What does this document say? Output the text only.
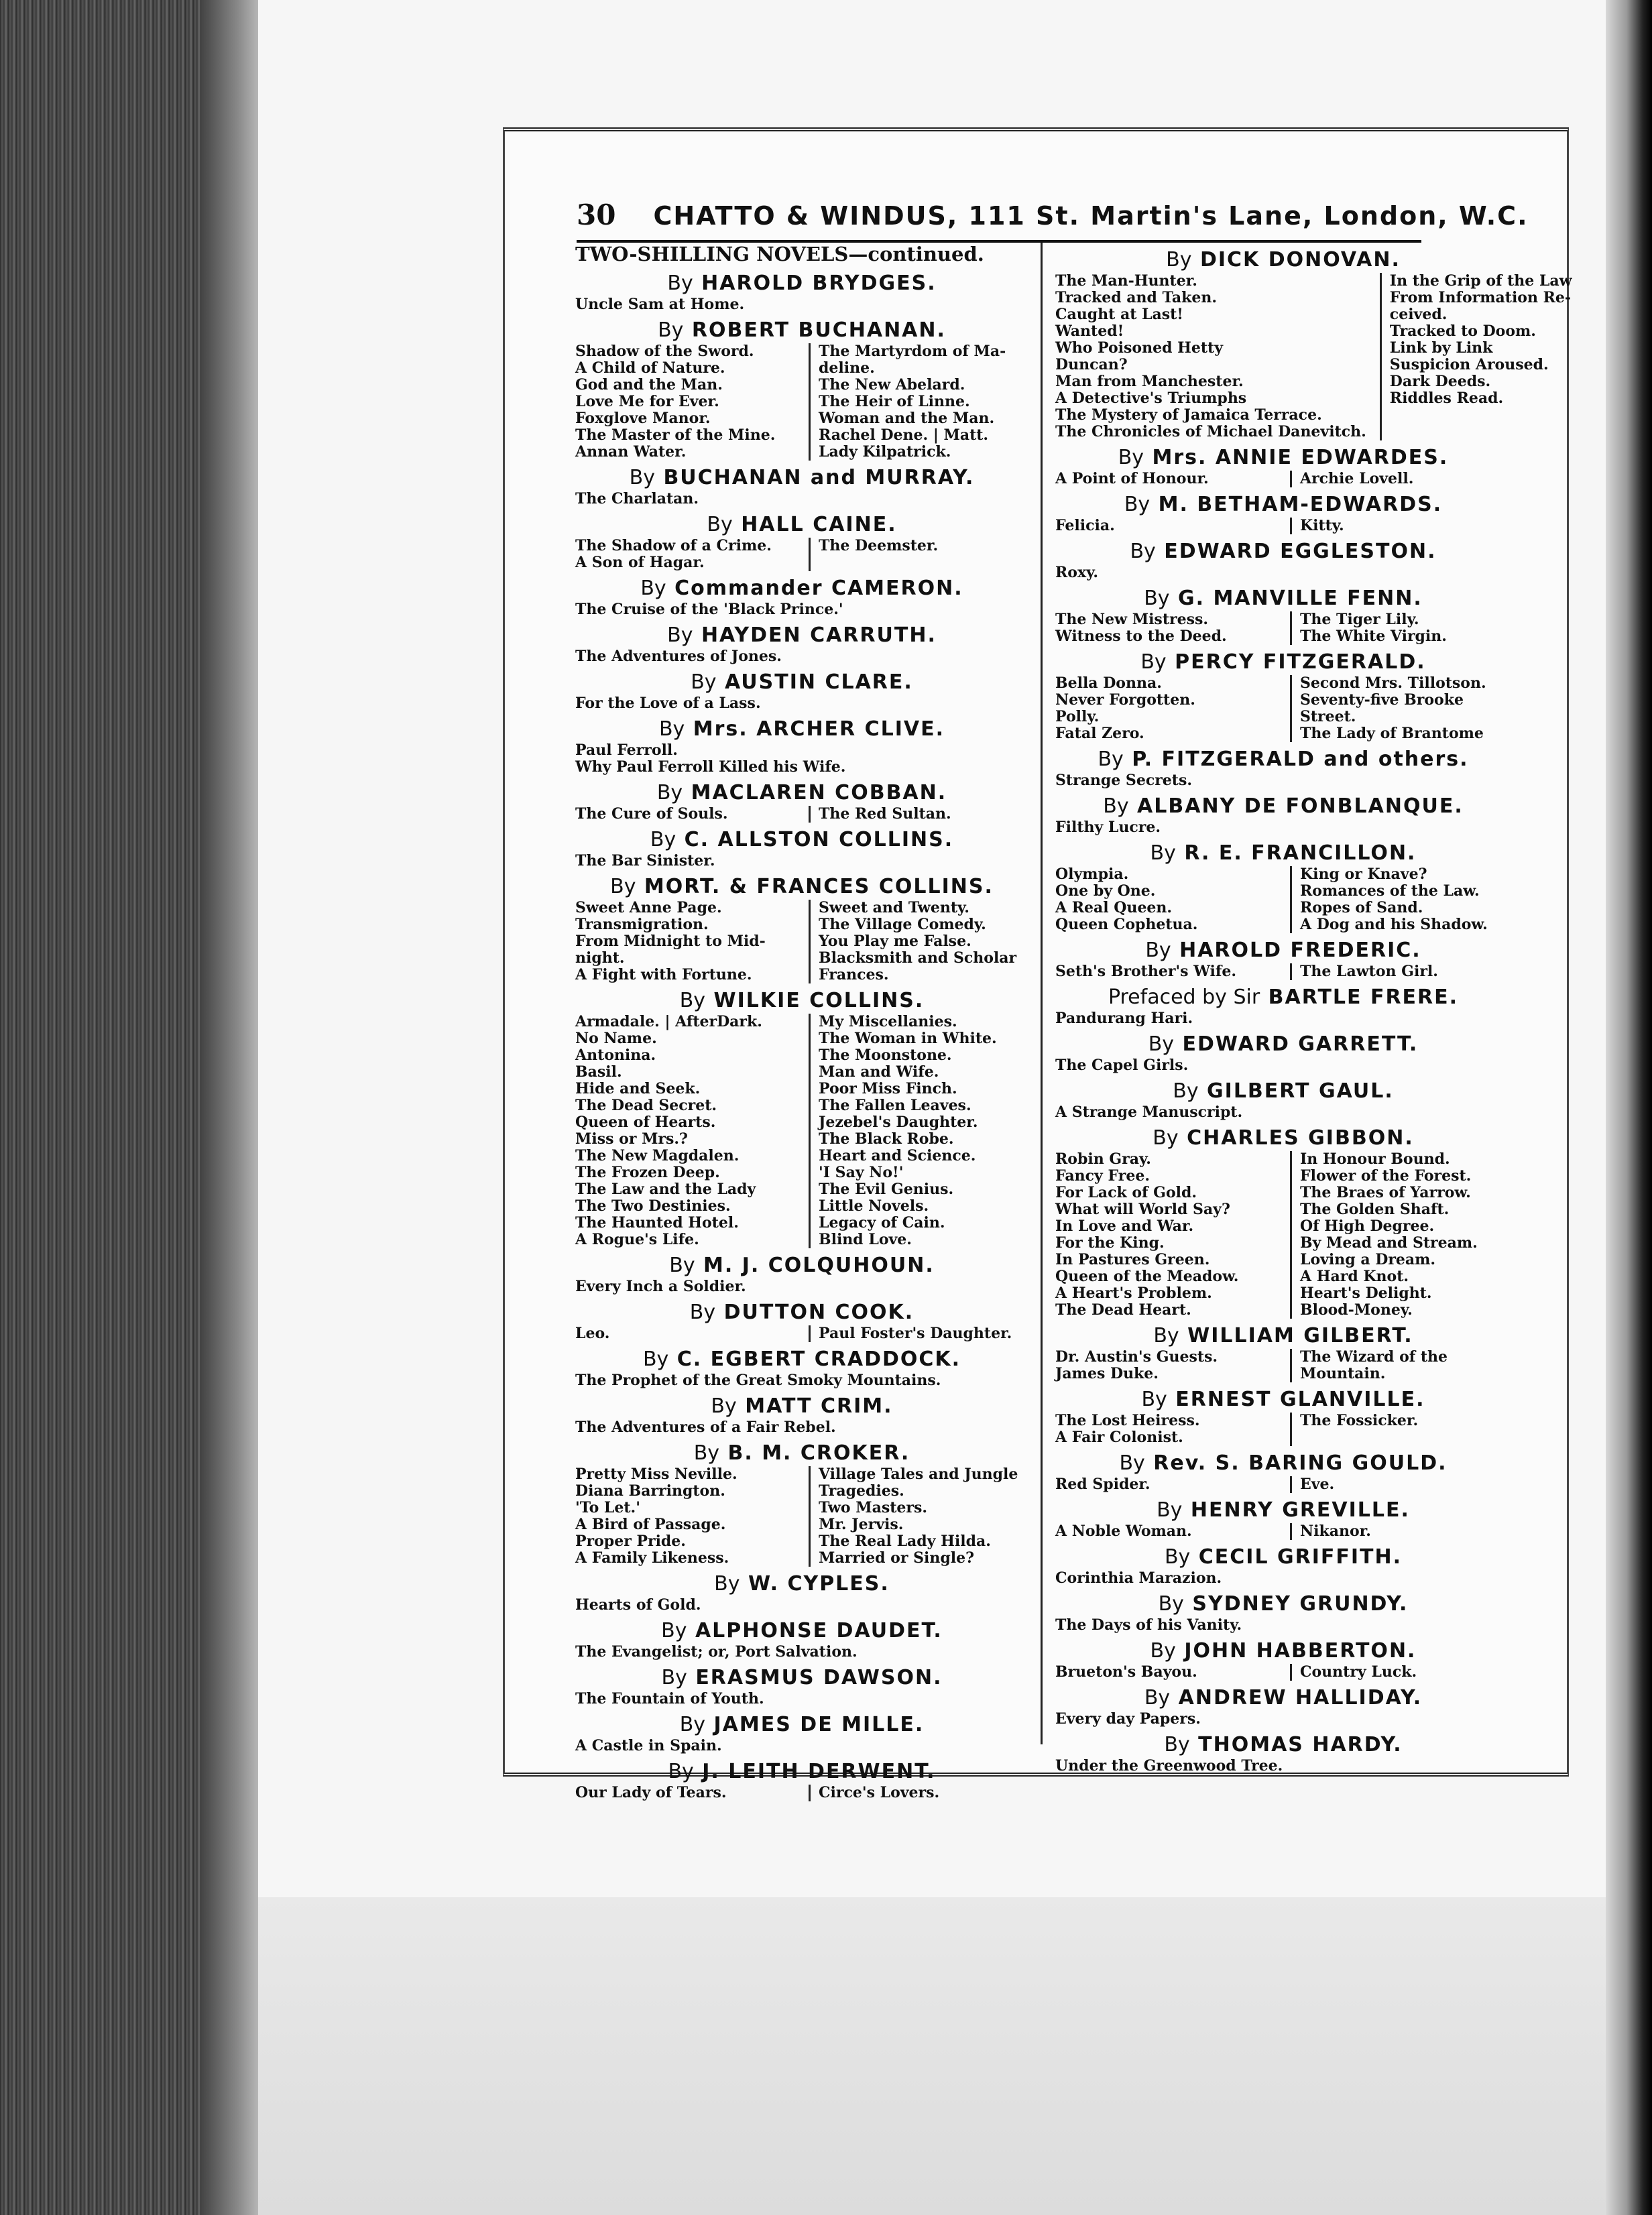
30 CHATTO & WINDUS, 111 St. Martin's Lane, London, W.C.

TWO-SHILLING NOVELS—continued.

By HAROLD BRYDGES.
Uncle Sam at Home.
By ROBERT BUCHANAN.
Shadow of the Sword.	The Martyrdom of Ma-
A Child of Nature.	deline.
God and the Man.	The New Abelard.
Love Me for Ever.	The Heir of Linne.
Foxglove Manor.	Woman and the Man.
The Master of the Mine.	Rachel Dene. | Matt.
Annan Water.	Lady Kilpatrick.
By BUCHANAN and MURRAY.
The Charlatan.
By HALL CAINE.
The Shadow of a Crime.	The Deemster.
A Son of Hagar.
By Commander CAMERON.
The Cruise of the 'Black Prince.'
By HAYDEN CARRUTH.
The Adventures of Jones.
By AUSTIN CLARE.
For the Love of a Lass.
By Mrs. ARCHER CLIVE.
Paul Ferroll.
Why Paul Ferroll Killed his Wife.
By MACLAREN COBBAN.
The Cure of Souls.	The Red Sultan.
By C. ALLSTON COLLINS.
The Bar Sinister.
By MORT. & FRANCES COLLINS.
Sweet Anne Page.	Sweet and Twenty.
Transmigration.	The Village Comedy.
From Midnight to Mid-	You Play me False.
night.	Blacksmith and Scholar
A Fight with Fortune.	Frances.
By WILKIE COLLINS.
Armadale. | AfterDark.	My Miscellanies.
No Name.	The Woman in White.
Antonina.	The Moonstone.
Basil.	Man and Wife.
Hide and Seek.	Poor Miss Finch.
The Dead Secret.	The Fallen Leaves.
Queen of Hearts.	Jezebel's Daughter.
Miss or Mrs.?	The Black Robe.
The New Magdalen.	Heart and Science.
The Frozen Deep.	'I Say No!'
The Law and the Lady	The Evil Genius.
The Two Destinies.	Little Novels.
The Haunted Hotel.	Legacy of Cain.
A Rogue's Life.	Blind Love.
By M. J. COLQUHOUN.
Every Inch a Soldier.
By DUTTON COOK.
Leo.	Paul Foster's Daughter.
By C. EGBERT CRADDOCK.
The Prophet of the Great Smoky Mountains.
By MATT CRIM.
The Adventures of a Fair Rebel.
By B. M. CROKER.
Pretty Miss Neville.	Village Tales and Jungle
Diana Barrington.	Tragedies.
'To Let.'	Two Masters.
A Bird of Passage.	Mr. Jervis.
Proper Pride.	The Real Lady Hilda.
A Family Likeness.	Married or Single?
By W. CYPLES.
Hearts of Gold.
By ALPHONSE DAUDET.
The Evangelist; or, Port Salvation.
By ERASMUS DAWSON.
The Fountain of Youth.
By JAMES DE MILLE.
A Castle in Spain.
By J. LEITH DERWENT.
Our Lady of Tears.	Circe's Lovers.
By DICK DONOVAN.
The Man-Hunter.	In the Grip of the Law
Tracked and Taken.	From Information Re-
Caught at Last!	ceived.
Wanted!	Tracked to Doom.
Who Poisoned Hetty	Link by Link
Duncan?	Suspicion Aroused.
Man from Manchester.	Dark Deeds.
A Detective's Triumphs	Riddles Read.
The Mystery of Jamaica Terrace.
The Chronicles of Michael Danevitch.
By Mrs. ANNIE EDWARDES.
A Point of Honour.	Archie Lovell.
By M. BETHAM-EDWARDS.
Felicia.	Kitty.
By EDWARD EGGLESTON.
Roxy.
By G. MANVILLE FENN.
The New Mistress.	The Tiger Lily.
Witness to the Deed.	The White Virgin.
By PERCY FITZGERALD.
Bella Donna.	Second Mrs. Tillotson.
Never Forgotten.	Seventy-five Brooke
Polly.	Street.
Fatal Zero.	The Lady of Brantome
By P. FITZGERALD and others.
Strange Secrets.
By ALBANY DE FONBLANQUE.
Filthy Lucre.
By R. E. FRANCILLON.
Olympia.	King or Knave?
One by One.	Romances of the Law.
A Real Queen.	Ropes of Sand.
Queen Cophetua.	A Dog and his Shadow.
By HAROLD FREDERIC.
Seth's Brother's Wife.	The Lawton Girl.
Prefaced by Sir BARTLE FRERE.
Pandurang Hari.
By EDWARD GARRETT.
The Capel Girls.
By GILBERT GAUL.
A Strange Manuscript.
By CHARLES GIBBON.
Robin Gray.	In Honour Bound.
Fancy Free.	Flower of the Forest.
For Lack of Gold.	The Braes of Yarrow.
What will World Say?	The Golden Shaft.
In Love and War.	Of High Degree.
For the King.	By Mead and Stream.
In Pastures Green.	Loving a Dream.
Queen of the Meadow.	A Hard Knot.
A Heart's Problem.	Heart's Delight.
The Dead Heart.	Blood-Money.
By WILLIAM GILBERT.
Dr. Austin's Guests.	The Wizard of the
James Duke.	Mountain.
By ERNEST GLANVILLE.
The Lost Heiress.	The Fossicker.
A Fair Colonist.
By Rev. S. BARING GOULD.
Red Spider.	Eve.
By HENRY GREVILLE.
A Noble Woman.	Nikanor.
By CECIL GRIFFITH.
Corinthia Marazion.
By SYDNEY GRUNDY.
The Days of his Vanity.
By JOHN HABBERTON.
Brueton's Bayou.	Country Luck.
By ANDREW HALLIDAY.
Every day Papers.
By THOMAS HARDY.
Under the Greenwood Tree.
